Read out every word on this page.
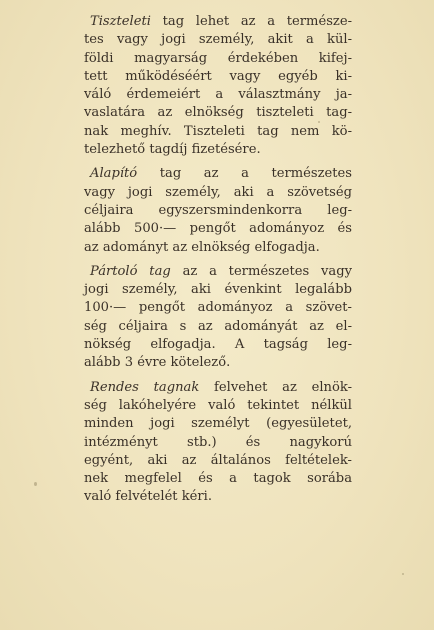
Tiszteleti tag lehet az a természe-
tes vagy jogi személy, akit a kül-
földi magyarság érdekében kifej-
tett működéséért vagy egyéb ki-
váló érdemeiért a választmány ja-
vaslatára az elnökség tiszteleti tag-
nak meghív. Tiszteleti tag nem kö-
telezhető tagdíj fizetésére.

Alapító tag az a természetes
vagy jogi személy, aki a szövetség
céljaira egyszersmindenkorra leg-
alább 500·— pengőt adományoz és
az adományt az elnökség elfogadja.

Pártoló tag az a természetes vagy
jogi személy, aki évenkint legalább
100·— pengőt adományoz a szövet-
ség céljaira s az adományát az el-
nökség elfogadja. A tagság leg-
alább 3 évre kötelező.

Rendes tagnak felvehet az elnök-
ség lakóhelyére való tekintet nélkül
minden jogi személyt (egyesületet,
intézményt stb.) és nagykorú
egyént, aki az általános feltételek-
nek megfelel és a tagok sorába
való felvételét kéri.
